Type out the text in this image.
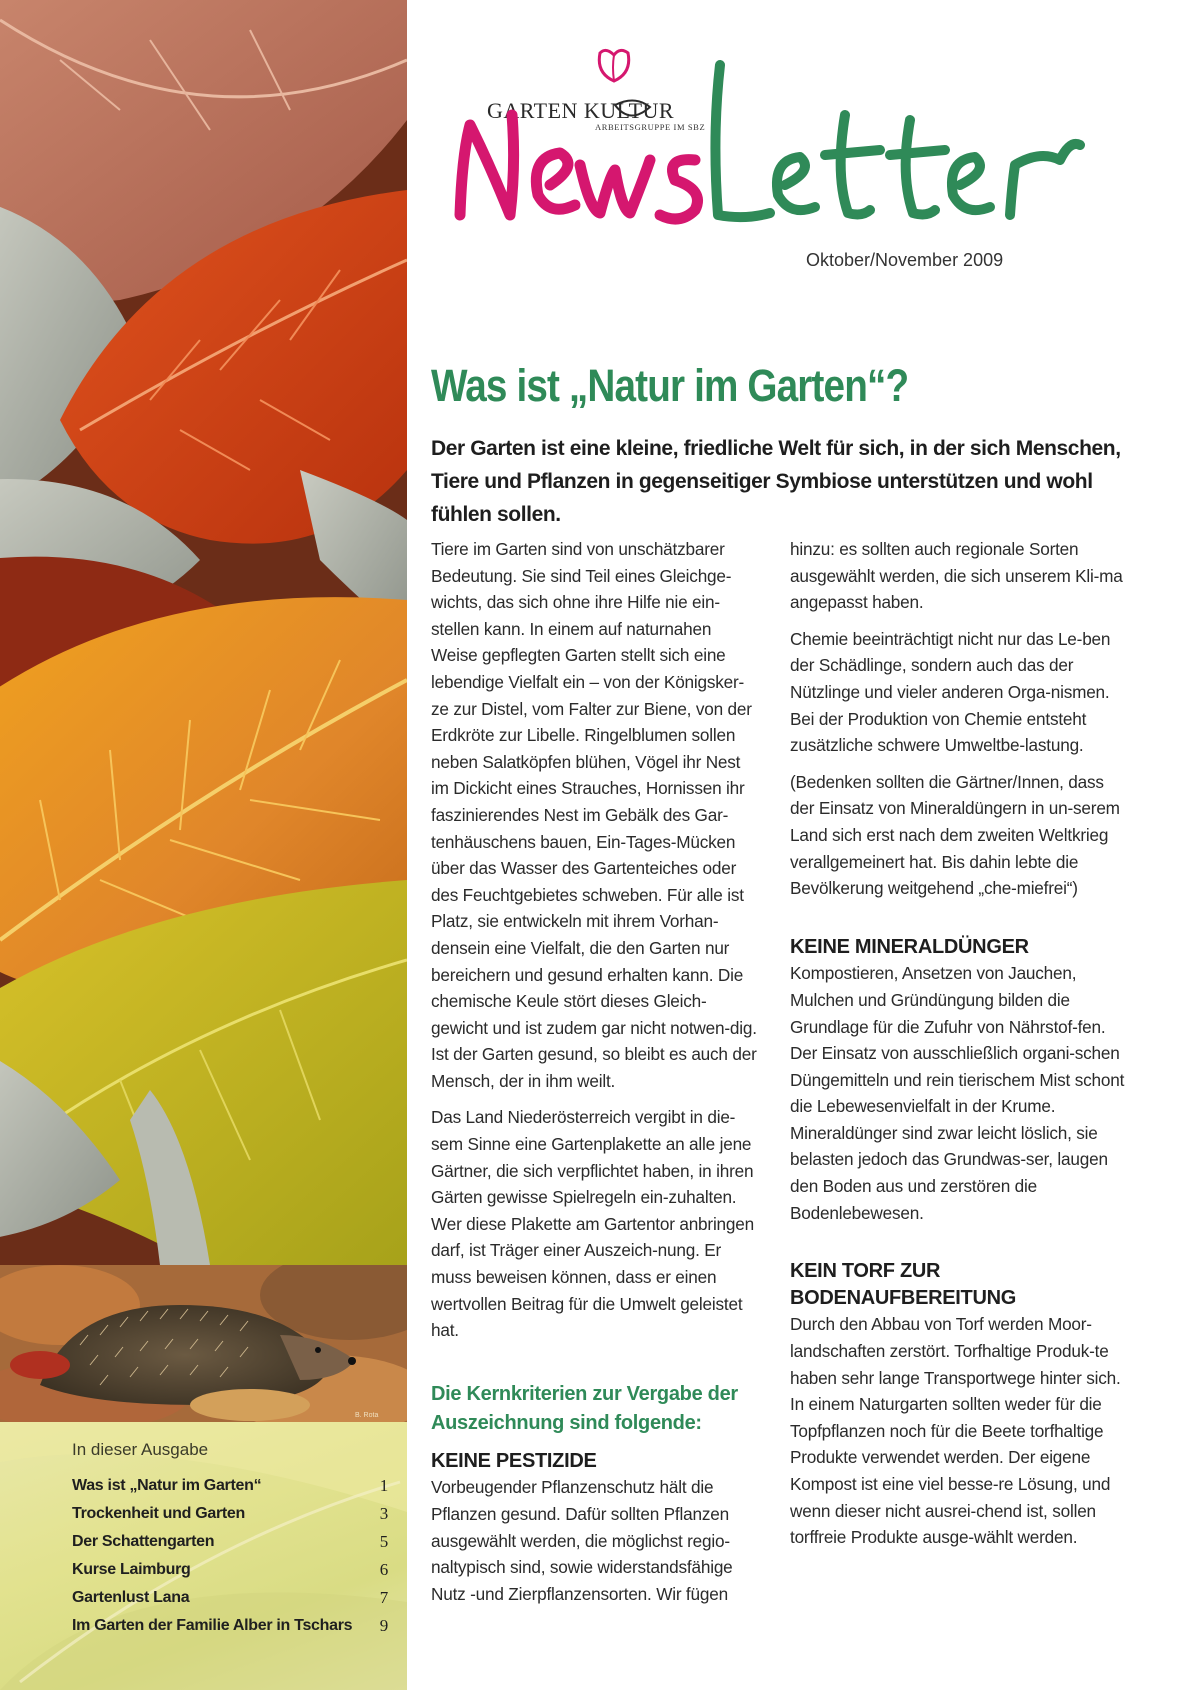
B. Rota
In dieser Ausgabe
Was ist „Natur im Garten“	1
Trockenheit und Garten	3
Der Schattengarten	5
Kurse Laimburg	6
Gartenlust Lana	7
Im Garten der Familie Alber in Tschars 9
GARTEN KULTUR
ARBEITSGRUPPE IM SBZ
Oktober/November 2009
Was ist „Natur im Garten“?
Der Garten ist eine kleine, friedliche Welt für sich, in der sich Menschen, Tiere und Pflanzen in gegenseitiger Symbiose unterstützen und wohl fühlen sollen.

Tiere im Garten sind von unschätzbarer Bedeutung. Sie sind Teil eines Gleichge-wichts, das sich ohne ihre Hilfe nie ein-stellen kann. In einem auf naturnahen Weise gepflegten Garten stellt sich eine lebendige Vielfalt ein – von der Königsker-ze zur Distel, vom Falter zur Biene, von der Erdkröte zur Libelle. Ringelblumen sollen neben Salatköpfen blühen, Vögel ihr Nest im Dickicht eines Strauches, Hornissen ihr faszinierendes Nest im Gebälk des Gar-tenhäuschens bauen, Ein-Tages-Mücken über das Wasser des Gartenteiches oder des Feuchtgebietes schweben. Für alle ist Platz, sie entwickeln mit ihrem Vorhan-densein eine Vielfalt, die den Garten nur bereichern und gesund erhalten kann. Die chemische Keule stört dieses Gleich-gewicht und ist zudem gar nicht notwen-dig. Ist der Garten gesund, so bleibt es auch der Mensch, der in ihm weilt.

Das Land Niederösterreich vergibt in die-sem Sinne eine Gartenplakette an alle jene Gärtner, die sich verpflichtet haben, in ihren Gärten gewisse Spielregeln ein-zuhalten. Wer diese Plakette am Gartentor anbringen darf, ist Träger einer Auszeich-nung. Er muss beweisen können, dass er einen wertvollen Beitrag für die Umwelt geleistet hat.

Die Kernkriterien zur Vergabe der Auszeichnung sind folgende:
KEINE PESTIZIDE

Vorbeugender Pflanzenschutz hält die Pflanzen gesund. Dafür sollten Pflanzen ausgewählt werden, die möglichst regio-naltypisch sind, sowie widerstandsfähige Nutz -und Zierpflanzensorten. Wir fügen

hinzu: es sollten auch regionale Sorten ausgewählt werden, die sich unserem Kli-ma angepasst haben.

Chemie beeinträchtigt nicht nur das Le-ben der Schädlinge, sondern auch das der Nützlinge und vieler anderen Orga-nismen. Bei der Produktion von Chemie entsteht zusätzliche schwere Umweltbe-lastung.

(Bedenken sollten die Gärtner/Innen, dass der Einsatz von Mineraldüngern in un-serem Land sich erst nach dem zweiten Weltkrieg verallgemeinert hat. Bis dahin lebte die Bevölkerung weitgehend „che-miefrei“)

KEINE MINERALDÜNGER

Kompostieren, Ansetzen von Jauchen, Mulchen und Gründüngung bilden die Grundlage für die Zufuhr von Nährstof-fen. Der Einsatz von ausschließlich organi-schen Düngemitteln und rein tierischem Mist schont die Lebewesenvielfalt in der Krume. Mineraldünger sind zwar leicht löslich, sie belasten jedoch das Grundwas-ser, laugen den Boden aus und zerstören die Bodenlebewesen.

KEIN TORF ZUR BODENAUFBEREITUNG

Durch den Abbau von Torf werden Moor-landschaften zerstört. Torfhaltige Produk-te haben sehr lange Transportwege hinter sich. In einem Naturgarten sollten weder für die Topfpflanzen noch für die Beete torfhaltige Produkte verwendet werden. Der eigene Kompost ist eine viel besse-re Lösung, und wenn dieser nicht ausrei-chend ist, sollen torffreie Produkte ausge-wählt werden.
